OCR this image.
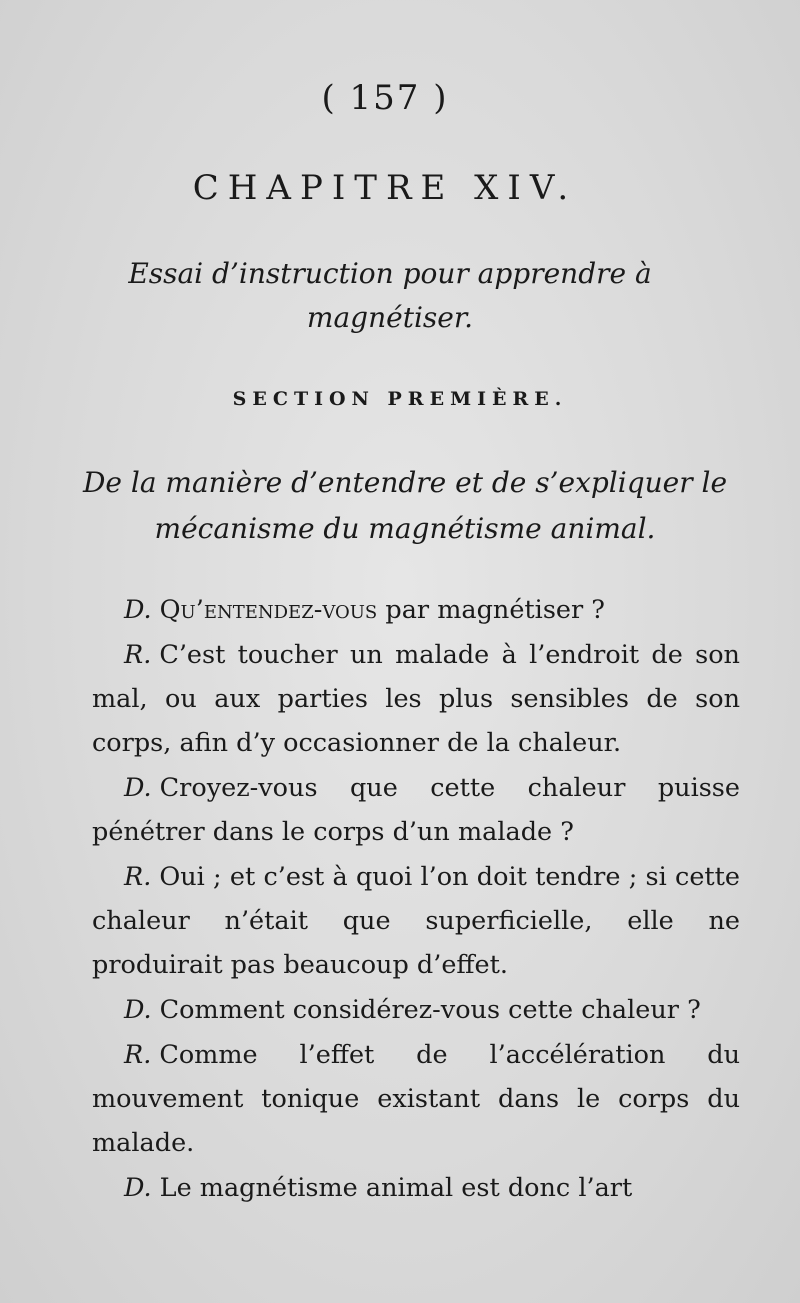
( 157 )
CHAPITRE XIV.
Essai d’instruction pour apprendre à magnétiser.
SECTION PREMIÈRE.
De la manière d’entendre et de s’expliquer le mécanisme du magnétisme animal.

D. Qu’entendez-vous par magnétiser ?

R. C’est toucher un malade à l’endroit de son mal, ou aux parties les plus sensibles de son corps, afin d’y occasionner de la chaleur.

D. Croyez-vous que cette chaleur puisse pénétrer dans le corps d’un malade ?

R. Oui ; et c’est à quoi l’on doit tendre ; si cette chaleur n’était que superficielle, elle ne produirait pas beaucoup d’effet.

D. Comment considérez-vous cette chaleur ?

R. Comme l’effet de l’accélération du mouvement tonique existant dans le corps du malade.

D. Le magnétisme animal est donc l’art
